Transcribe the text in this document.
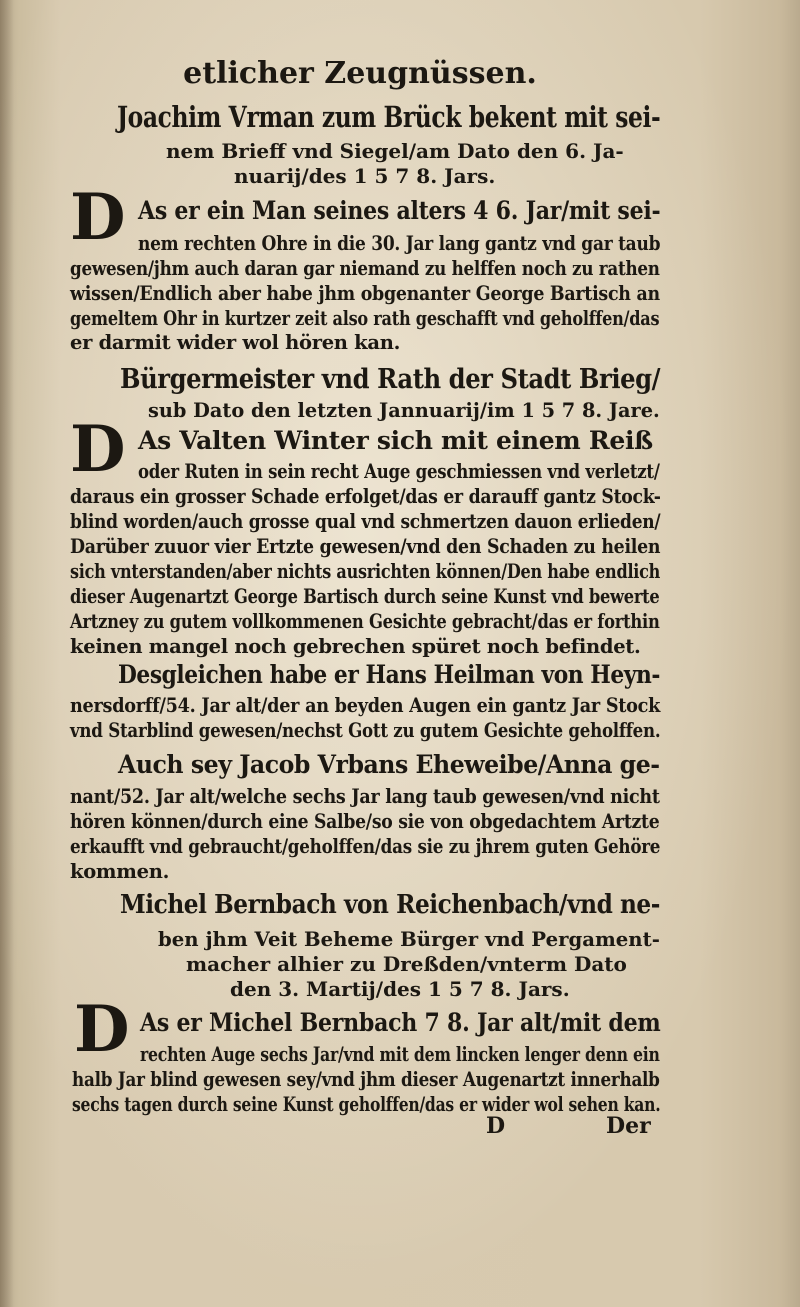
etlicher Zeugnüssen.
Joachim Vrman zum Brück bekent mit sei-
nem Brieff vnd Siegel/am Dato den 6. Ja-
nuarij/des 1 5 7 8. Jars.
D As er ein Man seines alters 4 6. Jar/mit sei-
nem rechten Ohre in die 30. Jar lang gantz vnd gar taub
gewesen/jhm auch daran gar niemand zu helffen noch zu rathen
wissen/Endlich aber habe jhm obgenanter George Bartisch an
gemeltem Ohr in kurtzer zeit also rath geschafft vnd geholffen/das
er darmit wider wol hören kan.
Bürgermeister vnd Rath der Stadt Brieg/
sub Dato den letzten Jannuarij/im 1 5 7 8. Jare.
D As Valten Winter sich mit einem Reiß
oder Ruten in sein recht Auge geschmiessen vnd verletzt/
daraus ein grosser Schade erfolget/das er darauff gantz Stock-
blind worden/auch grosse qual vnd schmertzen dauon erlieden/
Darüber zuuor vier Ertzte gewesen/vnd den Schaden zu heilen
sich vnterstanden/aber nichts ausrichten können/Den habe endlich
dieser Augenartzt George Bartisch durch seine Kunst vnd bewerte
Artzney zu gutem vollkommenen Gesichte gebracht/das er forthin
keinen mangel noch gebrechen spüret noch befindet.
Desgleichen habe er Hans Heilman von Heyn-
nersdorff/54. Jar alt/der an beyden Augen ein gantz Jar Stock
vnd Starblind gewesen/nechst Gott zu gutem Gesichte geholffen.
Auch sey Jacob Vrbans Eheweibe/Anna ge-
nant/52. Jar alt/welche sechs Jar lang taub gewesen/vnd nicht
hören können/durch eine Salbe/so sie von obgedachtem Artzte
erkaufft vnd gebraucht/geholffen/das sie zu jhrem guten Gehöre
kommen.
Michel Bernbach von Reichenbach/vnd ne-
ben jhm Veit Beheme Bürger vnd Pergament-
macher alhier zu Dreßden/vnterm Dato
den 3. Martij/des 1 5 7 8. Jars.
D As er Michel Bernbach 7 8. Jar alt/mit dem
rechten Auge sechs Jar/vnd mit dem lincken lenger denn ein
halb Jar blind gewesen sey/vnd jhm dieser Augenartzt innerhalb
sechs tagen durch seine Kunst geholffen/das er wider wol sehen kan.
D	Der
